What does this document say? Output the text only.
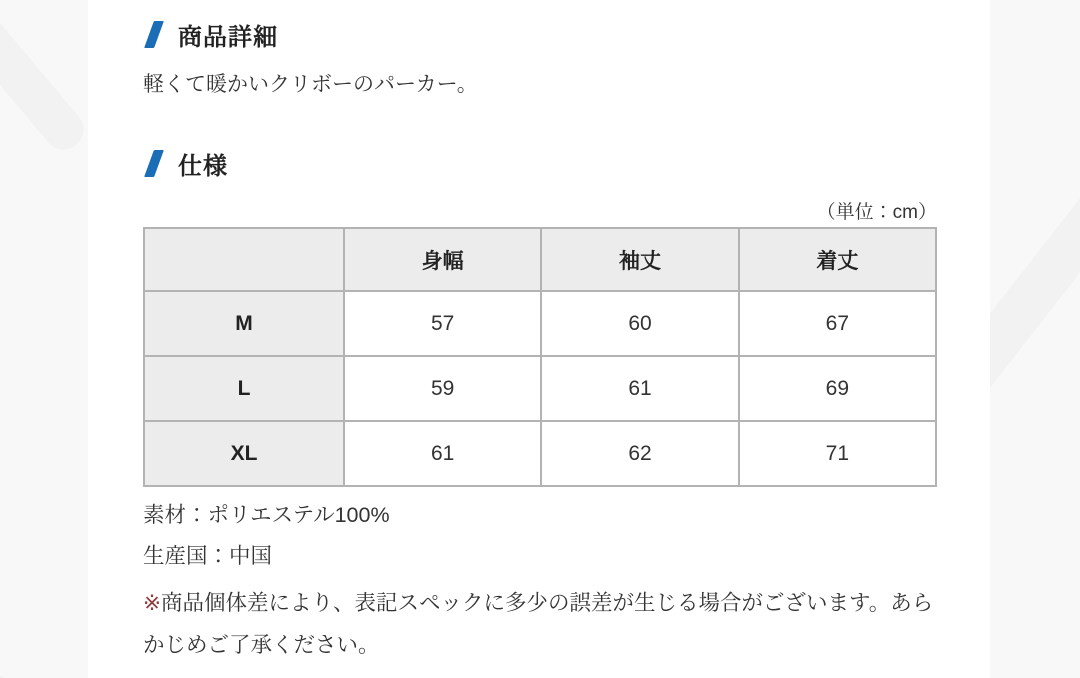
商品詳細

軽くて暖かいクリボーのパーカー。

仕様
（単位：cm）
	身幅	袖丈	着丈
M	57	60	67
L	59	61	69
XL	61	62	71

素材：ポリエステル100%

生産国：中国

※商品個体差により、表記スペックに多少の誤差が生じる場合がございます。あらかじめご了承ください。
